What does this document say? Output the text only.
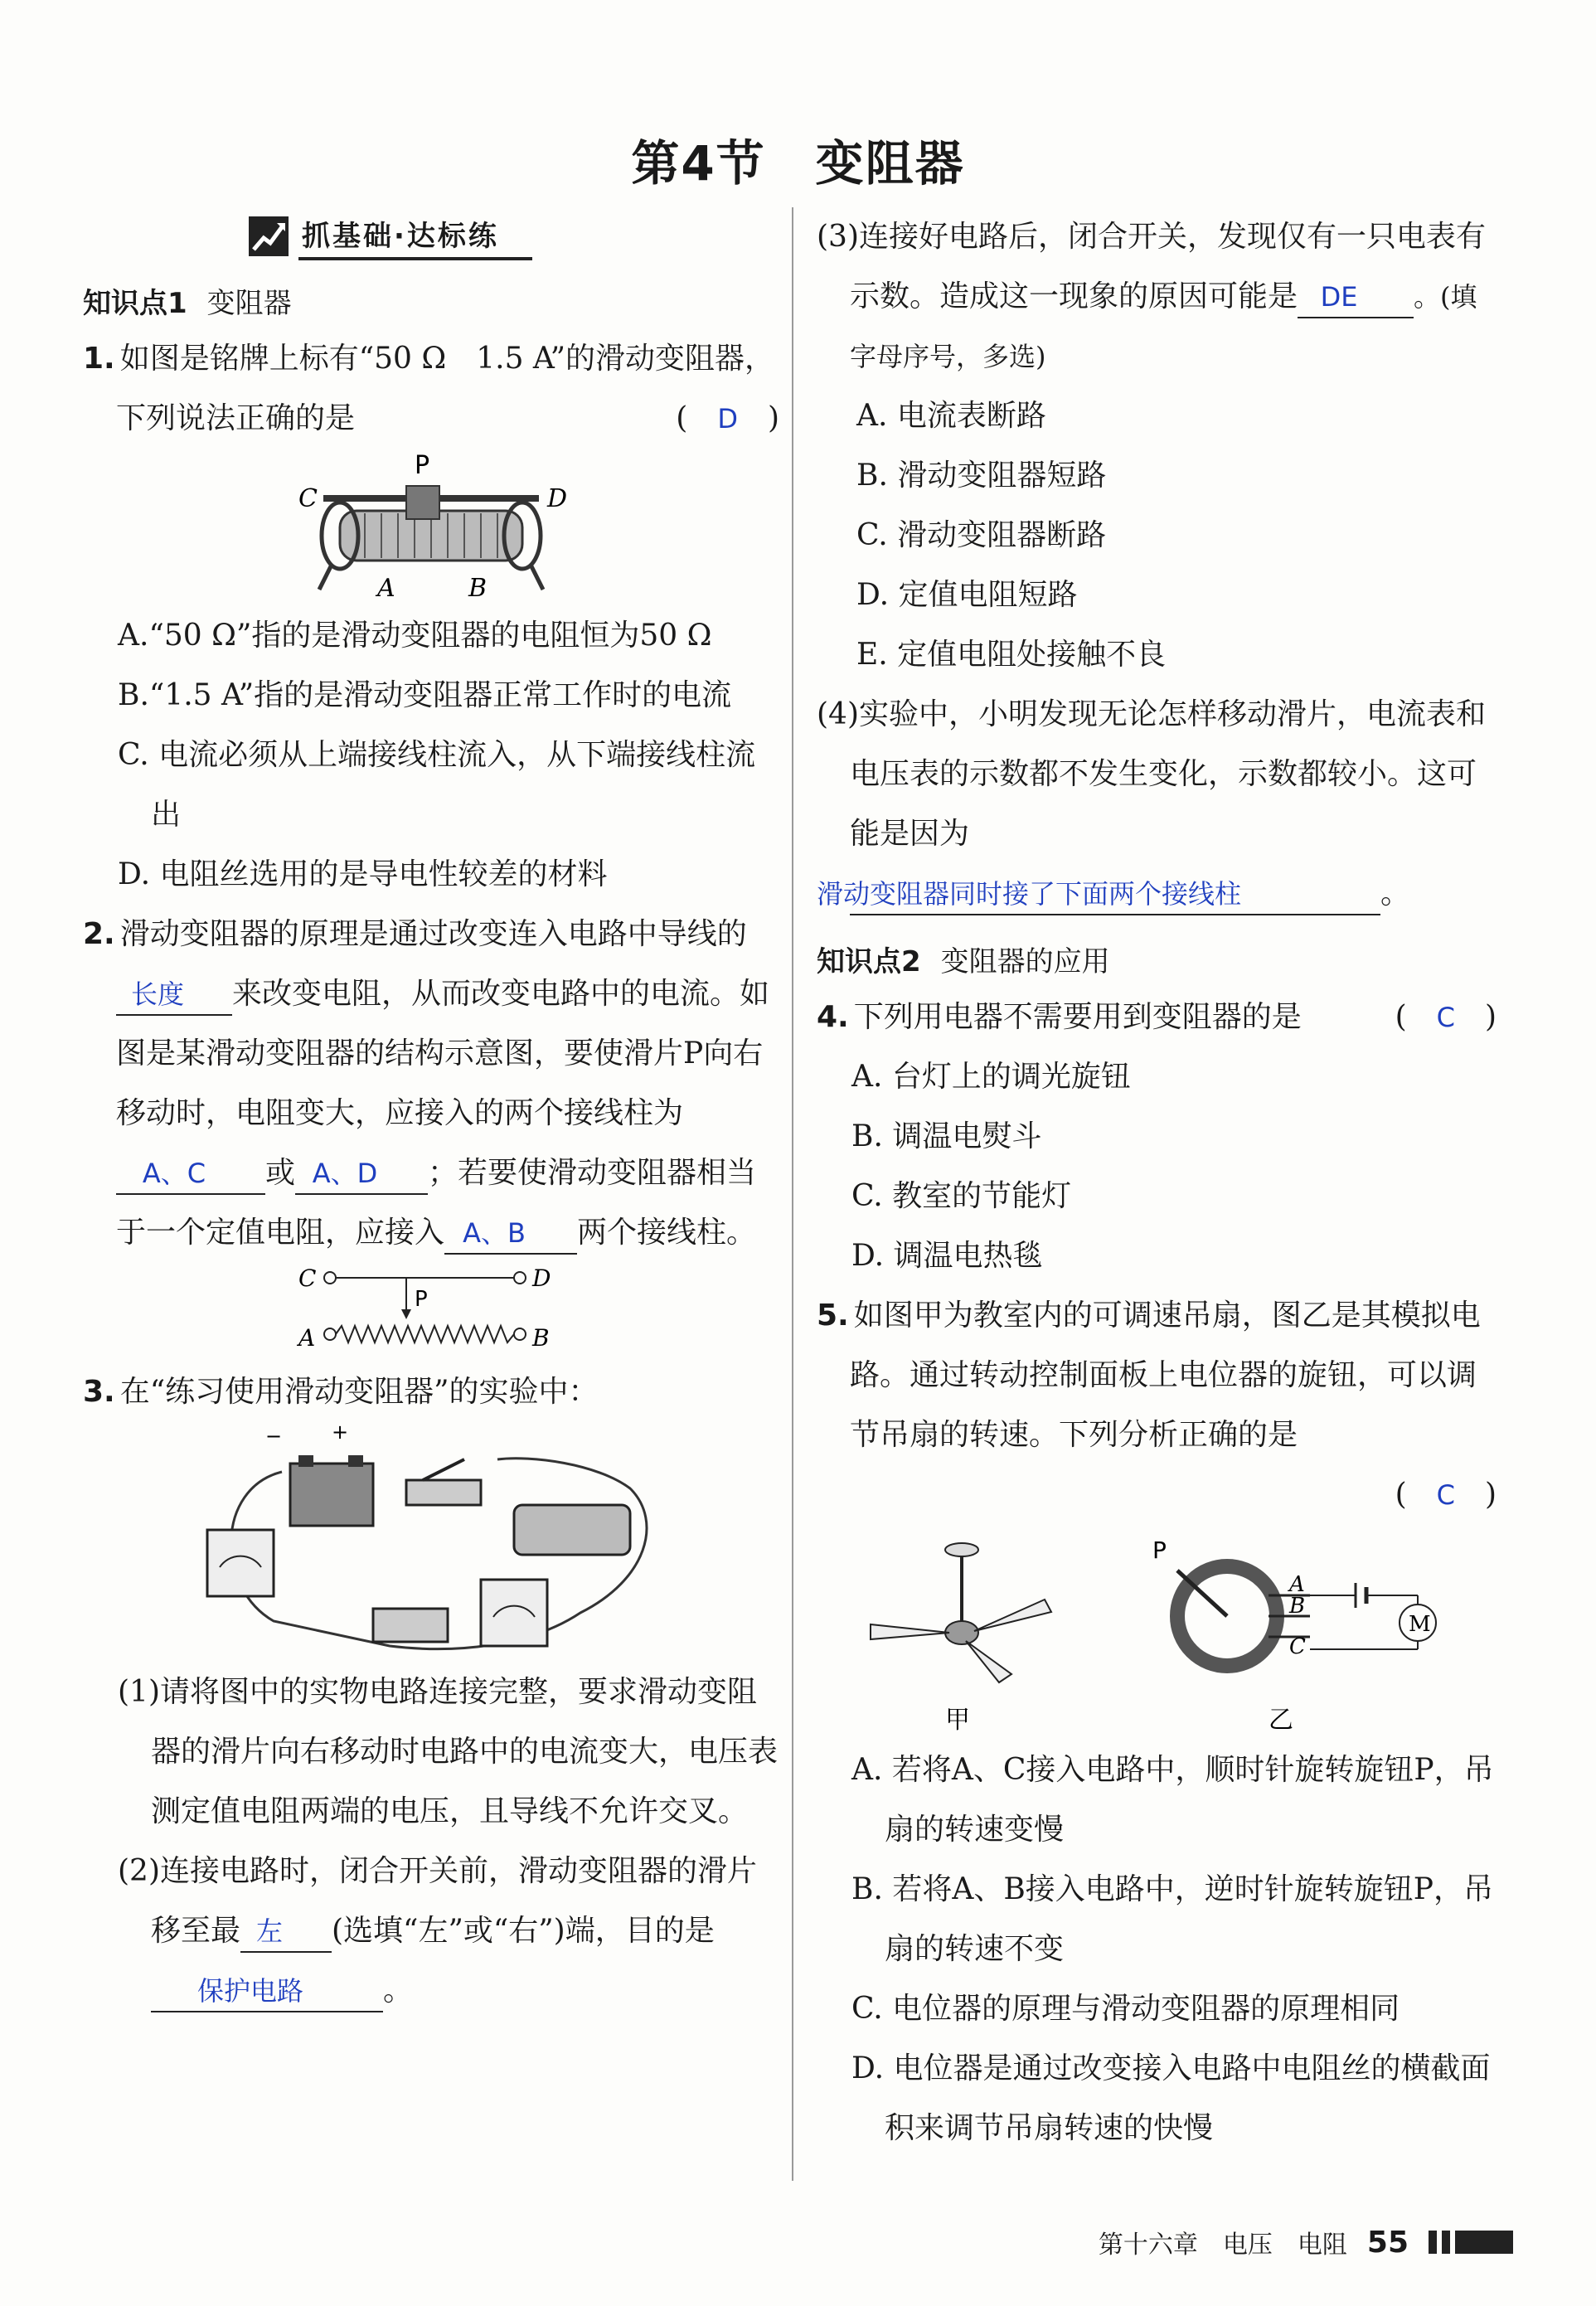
第4节　变阻器
抓基础·达标练
知识点1 变阻器
1. 如图是铭牌上标有“50 Ω　1.5 A”的滑动变阻器，下列说法正确的是	(　D　)
P
C	D
A	B
A.“50 Ω”指的是滑动变阻器的电阻恒为50 Ω
B.“1.5 A”指的是滑动变阻器正常工作时的电流
C. 电流必须从上端接线柱流入，从下端接线柱流出
D. 电阻丝选用的是导电性较差的材料
2. 滑动变阻器的原理是通过改变连入电路中导线的长度 来改变电阻，从而改变电路中的电流。如图是某滑动变阻器的结构示意图，要使滑片P向右移动时，电阻变大，应接入的两个接线柱为A、C 或 A、D ；若要使滑动变阻器相当于一个定值电阻，应接入 A、B 两个接线柱。
C	D
P
A	B
3. 在“练习使用滑动变阻器”的实验中：
− +
(1)请将图中的实物电路连接完整，要求滑动变阻器的滑片向右移动时电路中的电流变大，电压表测定值电阻两端的电压，且导线不允许交叉。
(2)连接电路时，闭合开关前，滑动变阻器的滑片移至最 左 (选填“左”或“右”)端，目的是保护电路	。
(3)连接好电路后，闭合开关，发现仅有一只电表有示数。造成这一现象的原因可能是 DE 。(填字母序号，多选)
A. 电流表断路
B. 滑动变阻器短路
C. 滑动变阻器断路
D. 定值电阻短路
E. 定值电阻处接触不良
(4)实验中，小明发现无论怎样移动滑片，电流表和电压表的示数都不发生变化，示数都较小。这可能是因为滑动变阻器同时接了下面两个接线柱	。
知识点2 变阻器的应用
4. 下列用电器不需要用到变阻器的是	(　C　)
A. 台灯上的调光旋钮
B. 调温电熨斗
C. 教室的节能灯
D. 调温电热毯
5. 如图甲为教室内的可调速吊扇，图乙是其模拟电路。通过转动控制面板上电位器的旋钮，可以调节吊扇的转速。下列分析正确的是
(　C　)
甲
P
A
B
C
M
乙
A. 若将A、C接入电路中，顺时针旋转旋钮P，吊扇的转速变慢
B. 若将A、B接入电路中，逆时针旋转旋钮P，吊扇的转速不变
C. 电位器的原理与滑动变阻器的原理相同
D. 电位器是通过改变接入电路中电阻丝的横截面积来调节吊扇转速的快慢
第十六章　电压　电阻 55
